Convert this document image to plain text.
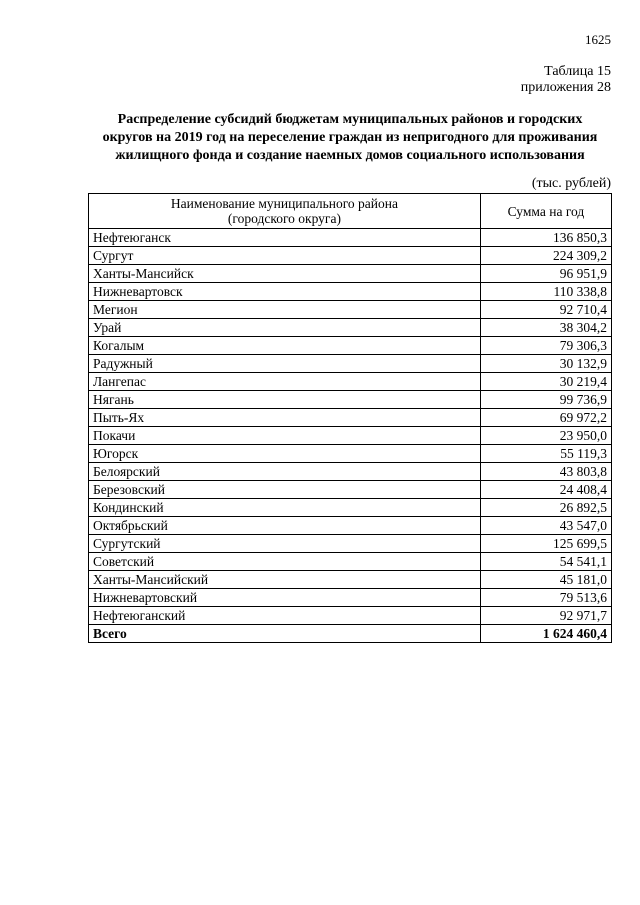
1625
Таблица 15
приложения 28
Распределение субсидий бюджетам муниципальных районов и городских
округов на 2019 год на переселение граждан из непригодного для проживания
жилищного фонда и создание наемных домов социального использования
(тыс. рублей)
Наименование муниципального района
(городского округа)	Сумма на год
Нефтеюганск	136 850,3
Сургут	224 309,2
Ханты-Мансийск	96 951,9
Нижневартовск	110 338,8
Мегион	92 710,4
Урай	38 304,2
Когалым	79 306,3
Радужный	30 132,9
Лангепас	30 219,4
Нягань	99 736,9
Пыть-Ях	69 972,2
Покачи	23 950,0
Югорск	55 119,3
Белоярский	43 803,8
Березовский	24 408,4
Кондинский	26 892,5
Октябрьский	43 547,0
Сургутский	125 699,5
Советский	54 541,1
Ханты-Мансийский	45 181,0
Нижневартовский	79 513,6
Нефтеюганский	92 971,7
Всего	1 624 460,4
